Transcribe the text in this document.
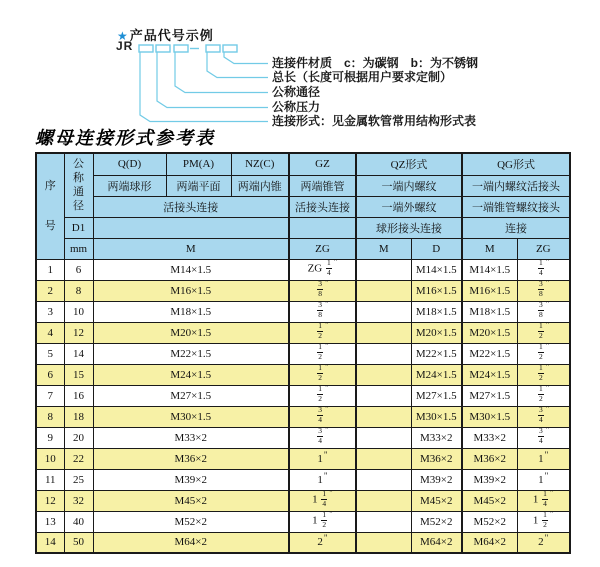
★产品代号示例
JR
连接件材质　c：为碳钢　b：为不锈钢
总长（长度可根据用户要求定制）
公称通径
公称压力
连接形式：见金属软管常用结构形式表
螺母连接形式参考表
序
号	公
称
通
径	Q(D)	PM(A)	NZ(C)	GZ	QZ形式		QG形式	
		两端球形	两端平面	两端内锥	两端锥管	一端内螺纹		一端内螺纹活接头	
		活接头连接			活接头连接	一端外螺纹		一端锥管螺纹接头	
	D1					球形接头连接		连接	
	mm	M			ZG	M	D	M	ZG
1	6	M14×1.5			ZG $\frac{1}{4} ^"$		M14×1.5	M14×1.5	$\frac{1}{4} ^"$
2	8	M16×1.5			$\frac{3}{8} ^"$		M16×1.5	M16×1.5	$\frac{3}{8} ^"$
3	10	M18×1.5			$\frac{3}{8} ^"$		M18×1.5	M18×1.5	$\frac{3}{8} ^"$
4	12	M20×1.5			$\frac{1}{2} ^"$		M20×1.5	M20×1.5	$\frac{1}{2} ^"$
5	14	M22×1.5			$\frac{1}{2} ^"$		M22×1.5	M22×1.5	$\frac{1}{2} ^"$
6	15	M24×1.5			$\frac{1}{2} ^"$		M24×1.5	M24×1.5	$\frac{1}{2} ^"$
7	16	M27×1.5			$\frac{1}{2} ^"$		M27×1.5	M27×1.5	$\frac{1}{2} ^"$
8	18	M30×1.5			$\frac{3}{4} ^"$		M30×1.5	M30×1.5	$\frac{3}{4} ^"$
9	20	M33×2			$\frac{3}{4} ^"$		M33×2	M33×2	$\frac{3}{4} ^"$
10	22	M36×2			1"		M36×2	M36×2	1"
11	25	M39×2			1"		M39×2	M39×2	1"
12	32	M45×2			$1 \frac{1}{4} ^"$		M45×2	M45×2	$1 \frac{1}{4} ^"$
13	40	M52×2			$1 \frac{1}{2} ^"$		M52×2	M52×2	$1 \frac{1}{2} ^"$
14	50	M64×2			2"		M64×2	M64×2	2"
